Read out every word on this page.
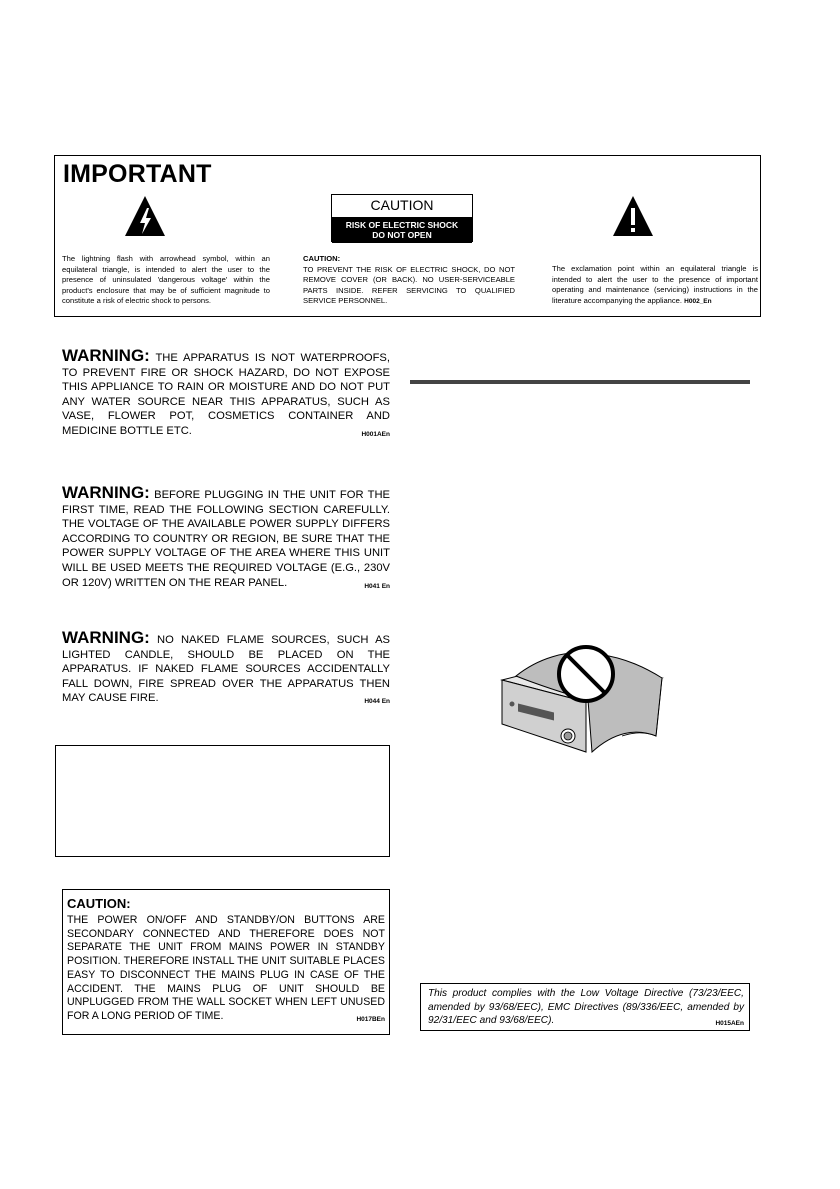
IMPORTANT
The lightning flash with arrowhead symbol, within an equilateral triangle, is intended to alert the user to the presence of uninsulated 'dangerous voltage' within the product's enclosure that may be of sufficient magnitude to constitute a risk of electric shock to persons.
CAUTION
RISK OF ELECTRIC SHOCK
DO NOT OPEN
CAUTION:
TO PREVENT THE RISK OF ELECTRIC SHOCK, DO NOT REMOVE COVER (OR BACK). NO USER-SERVICEABLE PARTS INSIDE. REFER SERVICING TO QUALIFIED SERVICE PERSONNEL.
The exclamation point within an equilateral triangle is intended to alert the user to the presence of important operating and maintenance (servicing) instructions in the literature accompanying the appliance. H002_En
WARNING: THE APPARATUS IS NOT WATERPROOFS, TO PREVENT FIRE OR SHOCK HAZARD, DO NOT EXPOSE THIS APPLIANCE TO RAIN OR MOISTURE AND DO NOT PUT ANY WATER SOURCE NEAR THIS APPARATUS, SUCH AS VASE, FLOWER POT, COSMETICS CONTAINER AND MEDICINE BOTTLE ETC.	H001AEn
WARNING: BEFORE PLUGGING IN THE UNIT FOR THE FIRST TIME, READ THE FOLLOWING SECTION CAREFULLY. THE VOLTAGE OF THE AVAILABLE POWER SUPPLY DIFFERS ACCORDING TO COUNTRY OR REGION, BE SURE THAT THE POWER SUPPLY VOLTAGE OF THE AREA WHERE THIS UNIT WILL BE USED MEETS THE REQUIRED VOLTAGE (E.G., 230V OR 120V) WRITTEN ON THE REAR PANEL.	H041 En
WARNING: NO NAKED FLAME SOURCES, SUCH AS LIGHTED CANDLE, SHOULD BE PLACED ON THE APPARATUS. IF NAKED FLAME SOURCES ACCIDENTALLY FALL DOWN, FIRE SPREAD OVER THE APPARATUS THEN MAY CAUSE FIRE.	H044 En
CAUTION:
THE POWER ON/OFF AND STANDBY/ON BUTTONS ARE SECONDARY CONNECTED AND THEREFORE DOES NOT SEPARATE THE UNIT FROM MAINS POWER IN STANDBY POSITION. THEREFORE INSTALL THE UNIT SUITABLE PLACES EASY TO DISCONNECT THE MAINS PLUG IN CASE OF THE ACCIDENT. THE MAINS PLUG OF UNIT SHOULD BE UNPLUGGED FROM THE WALL SOCKET WHEN LEFT UNUSED FOR A LONG PERIOD OF TIME.	H017BEn
This product complies with the Low Voltage Directive (73/23/EEC, amended by 93/68/EEC), EMC Directives (89/336/EEC, amended by 92/31/EEC and 93/68/EEC).	H015AEn
